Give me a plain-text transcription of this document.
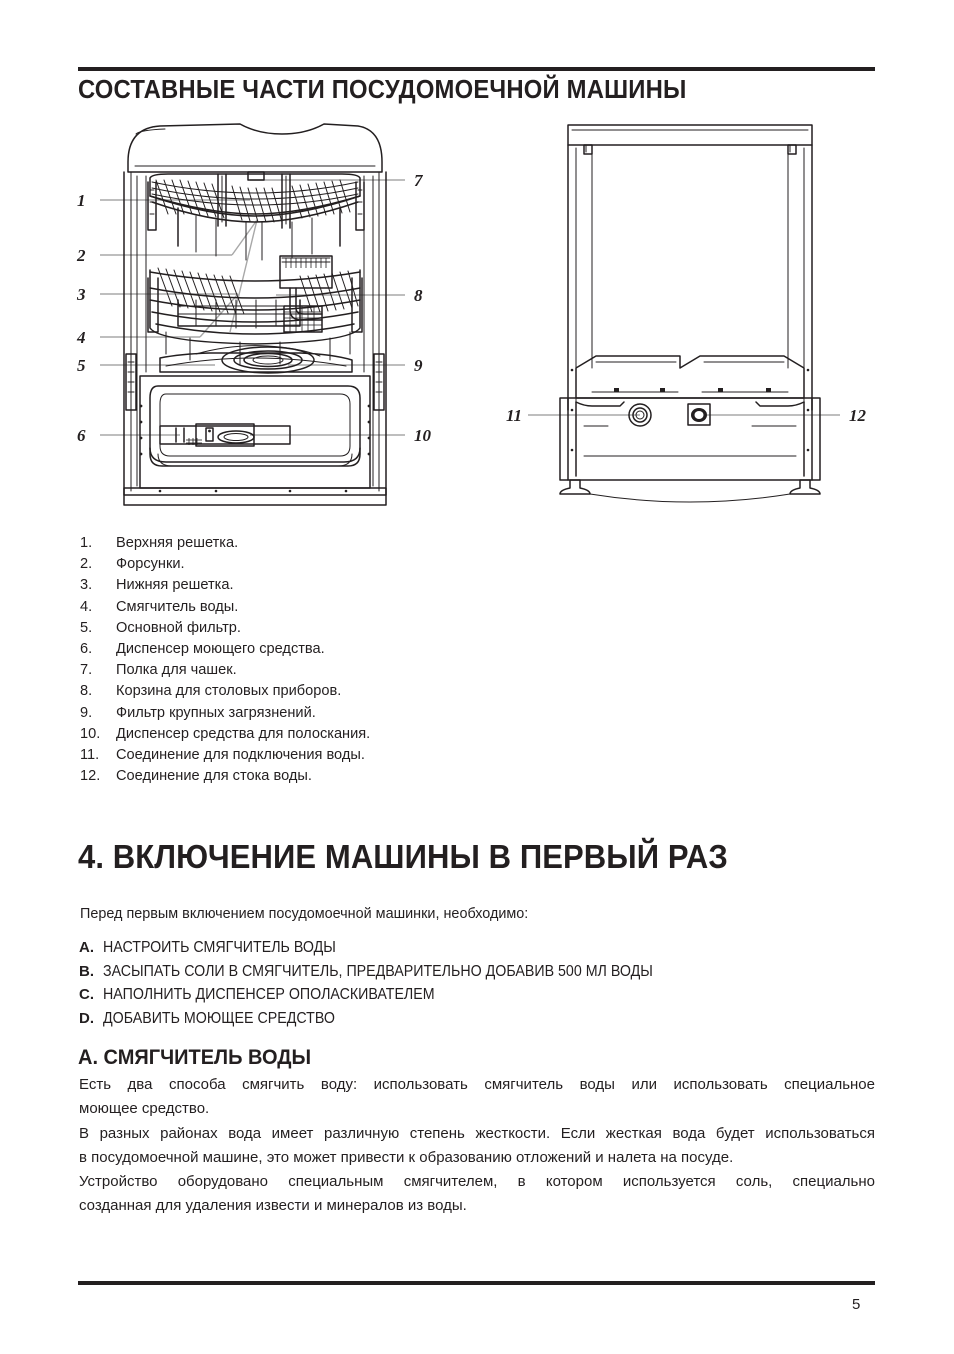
СОСТАВНЫЕ ЧАСТИ ПОСУДОМОЕЧНОЙ МАШИНЫ
1
2
3
4
5
6
7
8
9
10
11	12
1.	Верхняя решетка.
2.	Форсунки.
3.	Нижняя решетка.
4.	Смягчитель воды.
5.	Основной фильтр.
6.	Диспенсер моющего средства.
7.	Полка для чашек.
8.	Корзина для столовых приборов.
9.	Фильтр крупных загрязнений.
10.	Диспенсер средства для полоскания.
11.	Соединение для подключения воды.
12.	Соединение для стока воды.
4. ВКЛЮЧЕНИЕ МАШИНЫ В ПЕРВЫЙ РАЗ
Перед первым включением посудомоечной машинки, необходимо:
A. НАСТРОИТЬ СМЯГЧИТЕЛЬ ВОДЫ
B. ЗАСЫПАТЬ СОЛИ В СМЯГЧИТЕЛЬ, ПРЕДВАРИТЕЛЬНО ДОБАВИВ 500 МЛ ВОДЫ
C. НАПОЛНИТЬ ДИСПЕНСЕР ОПОЛАСКИВАТЕЛЕМ
D. ДОБАВИТЬ МОЮЩЕЕ СРЕДСТВО
A. СМЯГЧИТЕЛЬ ВОДЫ

Есть два способа смягчить воду: использовать смягчитель воды или использовать специальное
моющее средство.

В разных районах вода имеет различную степень жесткости. Если жесткая вода будет использоваться
в посудомоечной машине, это может привести к образованию отложений и налета на посуде.

Устройство оборудовано специальным смягчителем, в котором используется соль, специально
созданная для удаления извести и минералов из воды.

5
